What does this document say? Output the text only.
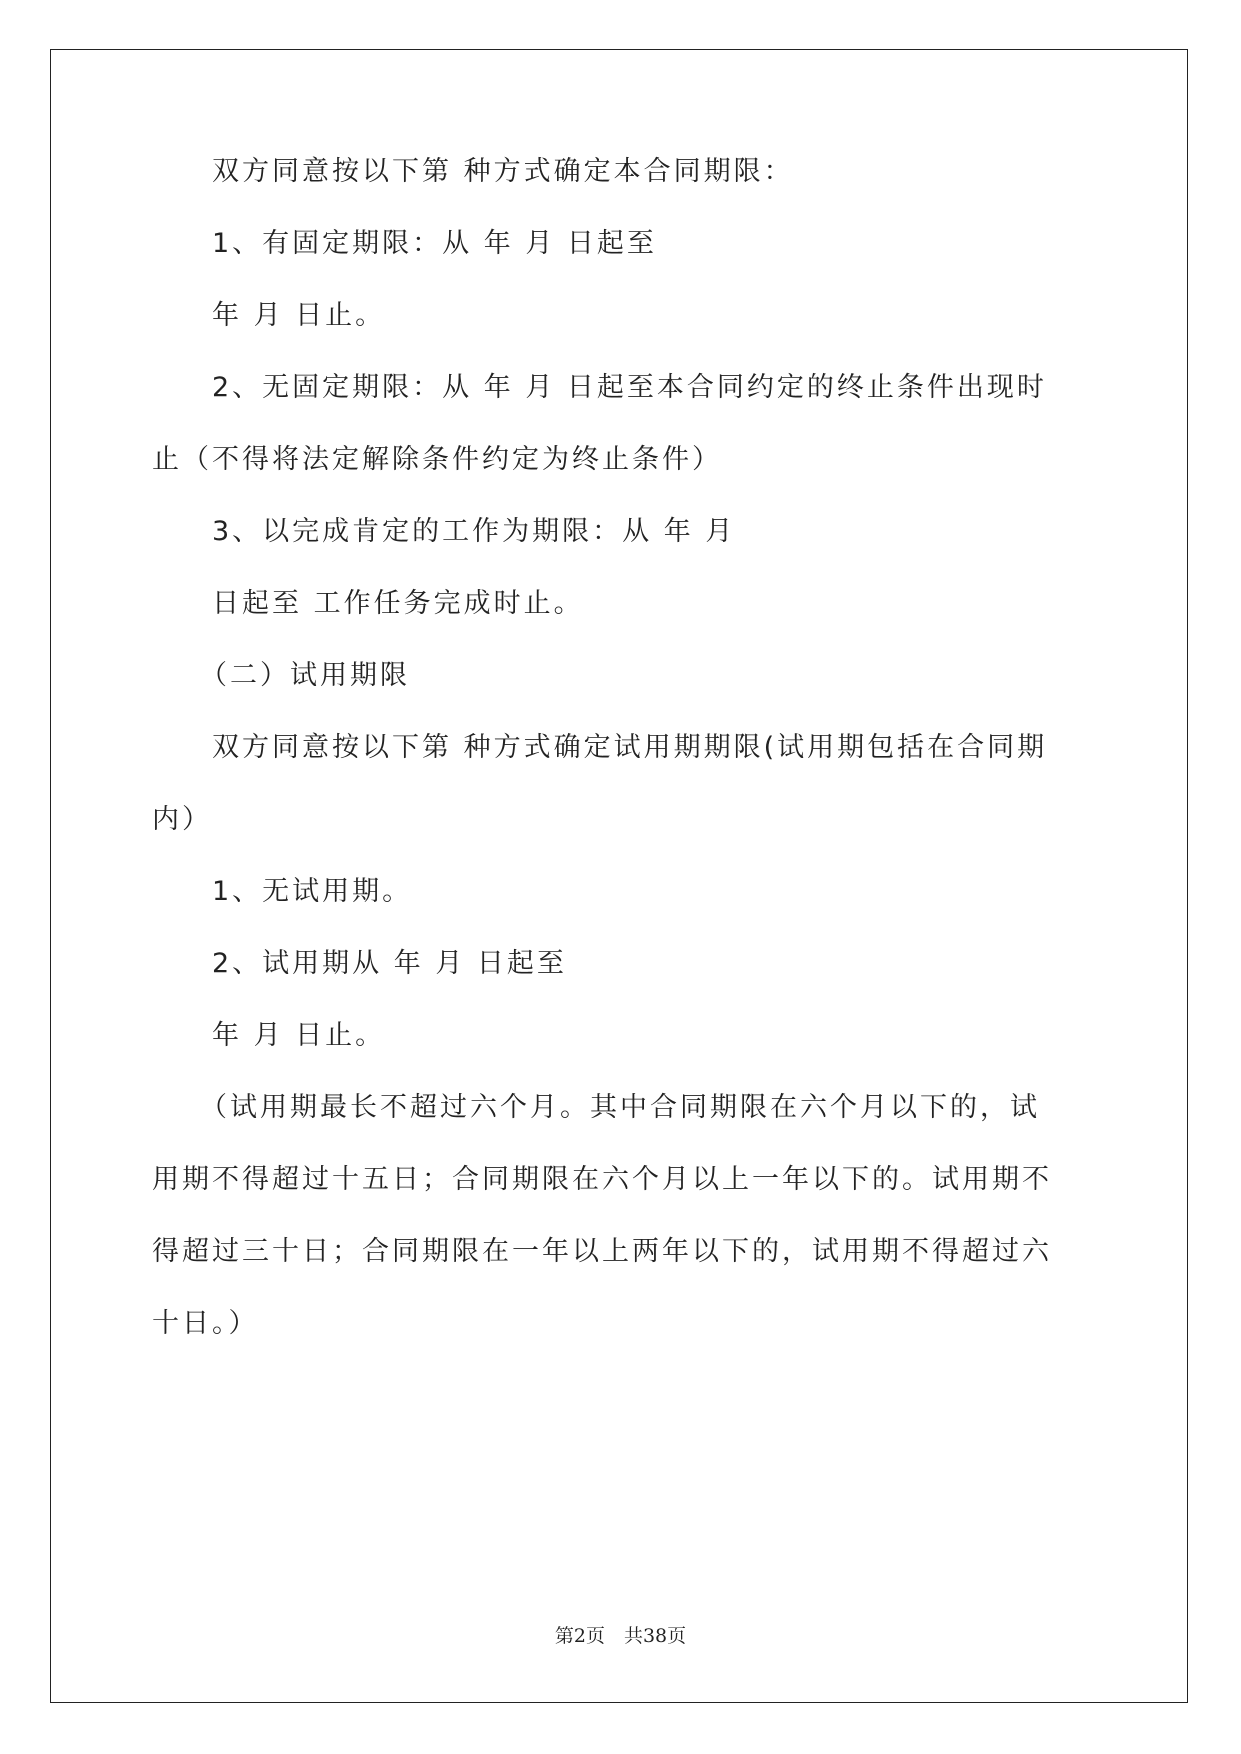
双方同意按以下第 种方式确定本合同期限：
1、有固定期限：从 年 月 日起至
年 月 日止。
2、无固定期限：从 年 月 日起至本合同约定的终止条件出现时
止（不得将法定解除条件约定为终止条件）
3、以完成肯定的工作为期限：从 年 月
日起至 工作任务完成时止。
（二）试用期限
双方同意按以下第 种方式确定试用期期限(试用期包括在合同期
内）
1、无试用期。
2、试用期从 年 月 日起至
年 月 日止。
（试用期最长不超过六个月。其中合同期限在六个月以下的，试
用期不得超过十五日；合同期限在六个月以上一年以下的。试用期不
得超过三十日；合同期限在一年以上两年以下的，试用期不得超过六
十日。）
第2页　共38页
